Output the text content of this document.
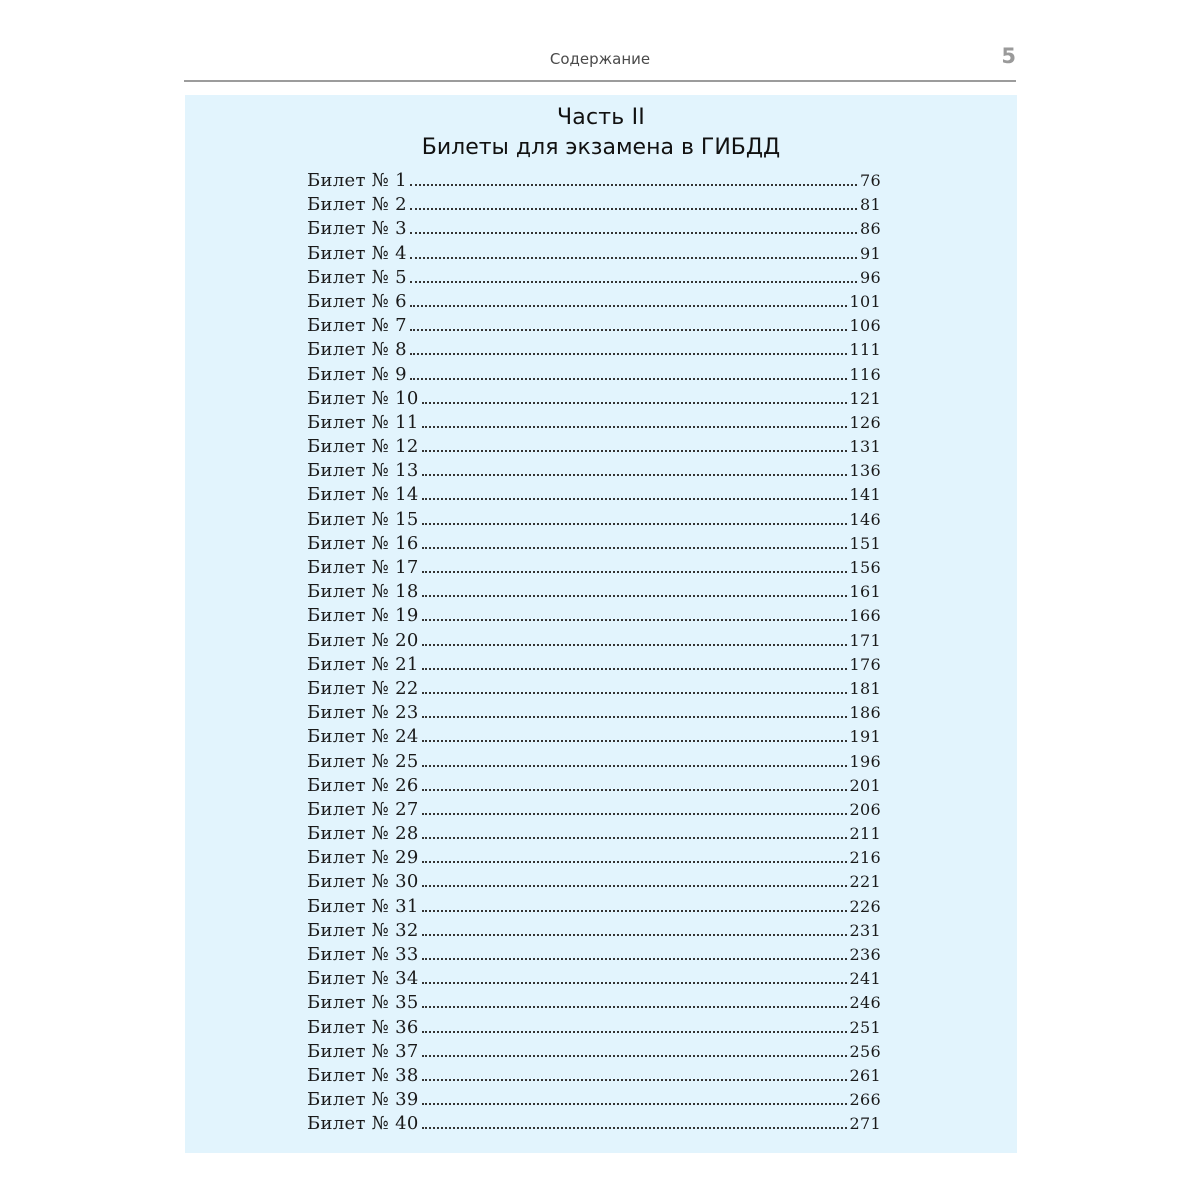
Содержание	5
Часть II
Билеты для экзамена в ГИБДД
Билет № 1	76
Билет № 2	81
Билет № 3	86
Билет № 4	91
Билет № 5	96
Билет № 6	101
Билет № 7	106
Билет № 8	111
Билет № 9	116
Билет № 10	121
Билет № 11	126
Билет № 12	131
Билет № 13	136
Билет № 14	141
Билет № 15	146
Билет № 16	151
Билет № 17	156
Билет № 18	161
Билет № 19	166
Билет № 20	171
Билет № 21	176
Билет № 22	181
Билет № 23	186
Билет № 24	191
Билет № 25	196
Билет № 26	201
Билет № 27	206
Билет № 28	211
Билет № 29	216
Билет № 30	221
Билет № 31	226
Билет № 32	231
Билет № 33	236
Билет № 34	241
Билет № 35	246
Билет № 36	251
Билет № 37	256
Билет № 38	261
Билет № 39	266
Билет № 40	271
